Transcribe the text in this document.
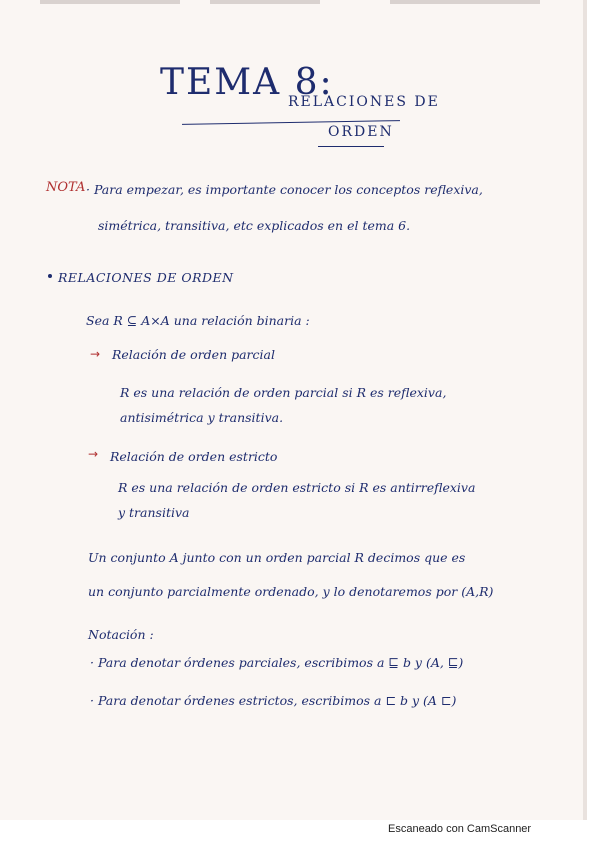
TEMA 8:
RELACIONES DE
ORDEN
NOTA · Para empezar, es importante conocer los conceptos reflexiva,
simétrica, transitiva, etc explicados en el tema 6.
RELACIONES DE ORDEN
Sea R ⊆ A×A una relación binaria :
→ Relación de orden parcial
R es una relación de orden parcial si R es reflexiva,
antisimétrica y transitiva.
→ Relación de orden estricto
R es una relación de orden estricto si R es antirreflexiva
y transitiva
Un conjunto A junto con un orden parcial R decimos que es
un conjunto parcialmente ordenado, y lo denotaremos por (A,R)
Notación :
· Para denotar órdenes parciales, escribimos a ⊑ b y (A, ⊑)
· Para denotar órdenes estrictos, escribimos a ⊏ b y (A ⊏)
Escaneado con CamScanner
